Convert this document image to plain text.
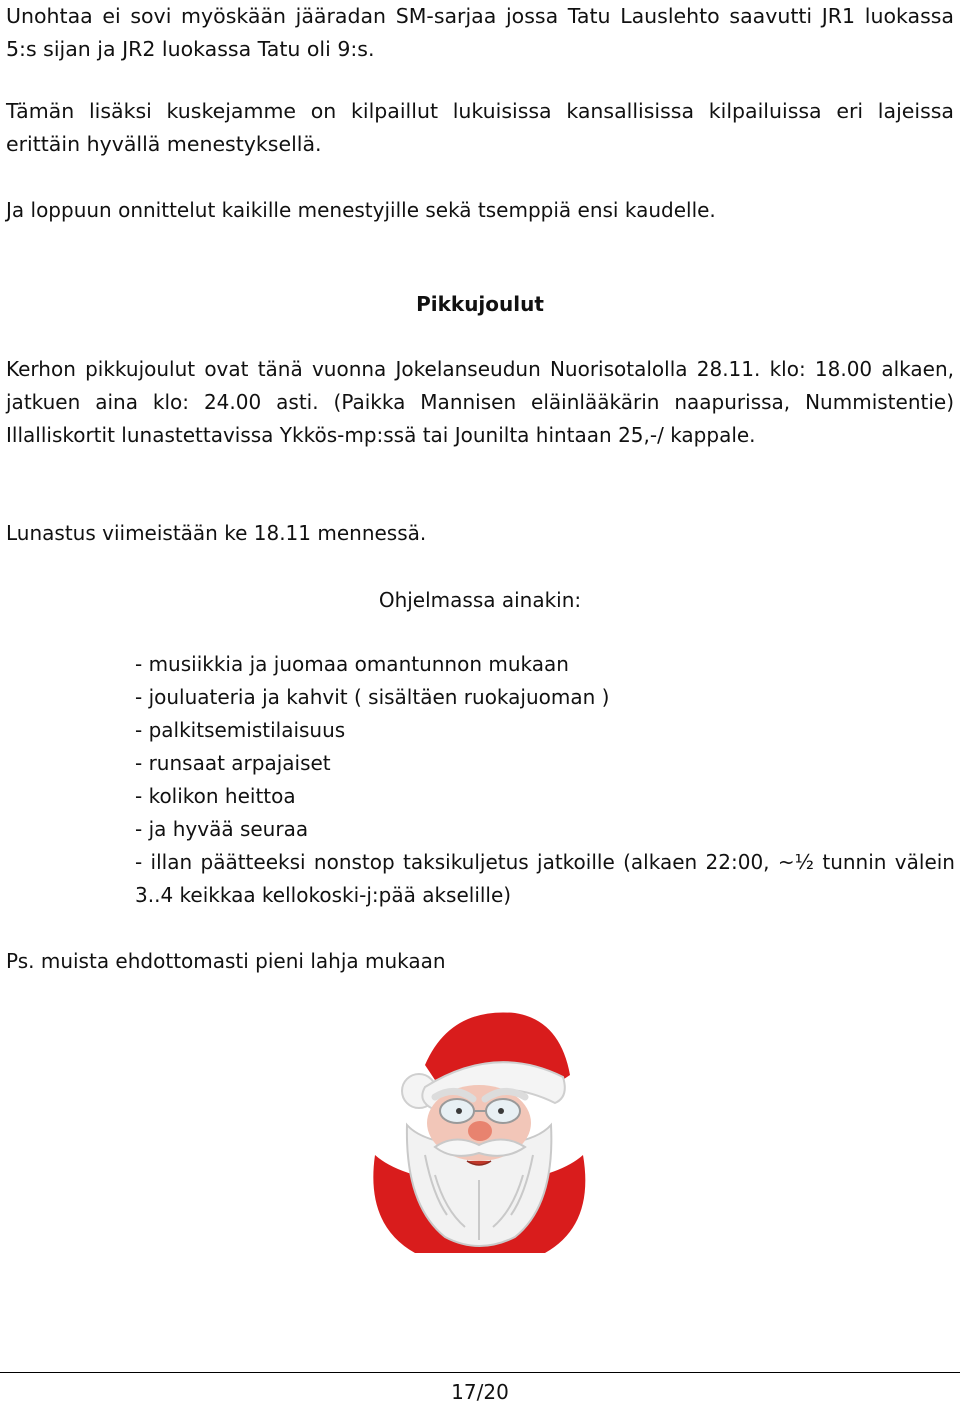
Unohtaa ei sovi myöskään jääradan SM-sarjaa jossa Tatu Lauslehto saavutti JR1 luokassa 5:s sijan ja JR2 luokassa Tatu oli 9:s.

Tämän lisäksi kuskejamme on kilpaillut lukuisissa kansallisissa kilpailuissa eri lajeissa erittäin hyvällä menestyksellä.

Ja loppuun onnittelut kaikille menestyjille sekä tsemppiä ensi kaudelle.

Pikkujoulut

Kerhon pikkujoulut ovat tänä vuonna Jokelanseudun Nuorisotalolla 28.11. klo: 18.00 alkaen, jatkuen aina klo: 24.00 asti. (Paikka Mannisen eläinlääkärin naapurissa, Nummistentie) Illalliskortit lunastettavissa Ykkös-mp:ssä tai Jounilta hintaan 25,-/ kappale.

Lunastus viimeistään ke 18.11 mennessä.

Ohjelmassa ainakin:

- musiikkia ja juomaa omantunnon mukaan
- jouluateria ja kahvit ( sisältäen ruokajuoman )
- palkitsemistilaisuus
- runsaat arpajaiset
- kolikon heittoa
- ja hyvää seuraa
- illan päätteeksi nonstop taksikuljetus jatkoille (alkaen 22:00, ~½ tunnin välein 3..4 keikkaa kellokoski-j:pää akselille)

Ps. muista ehdottomasti pieni lahja mukaan

17/20
